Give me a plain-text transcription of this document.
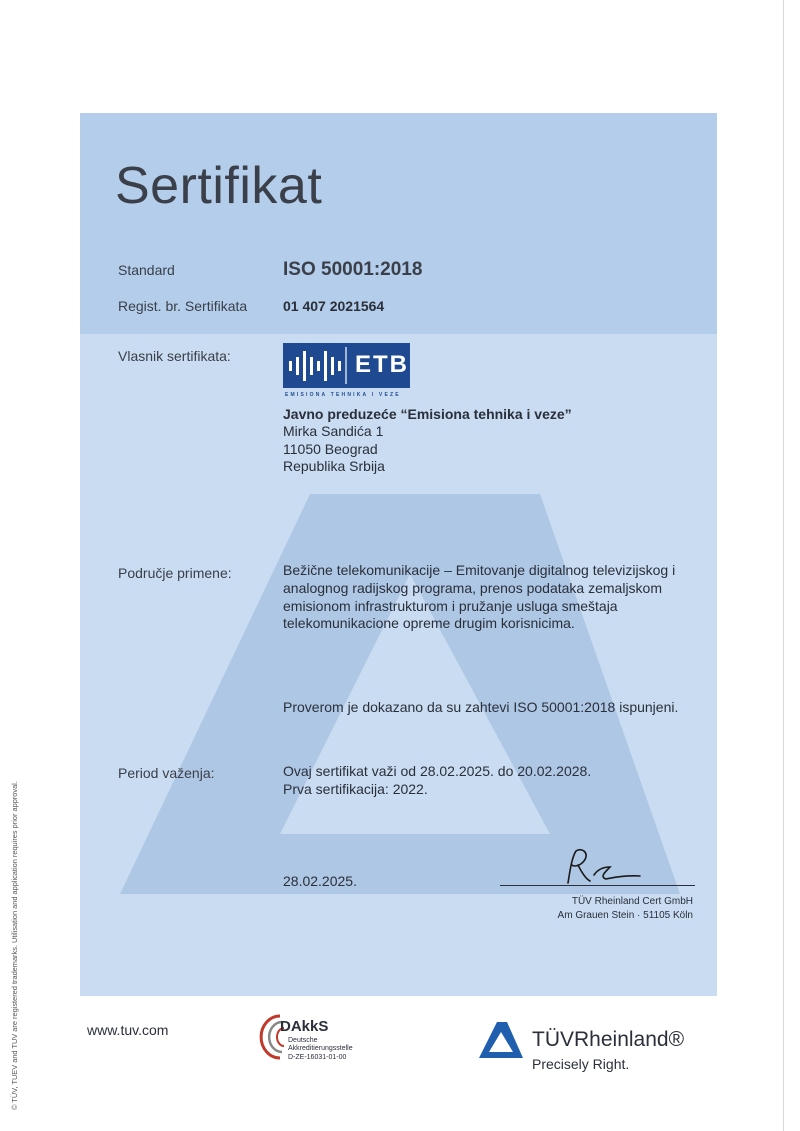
© TÜV, TUEV and TUV are registered trademarks. Utilisation and application requires prior approval.
Sertifikat
Standard	ISO 50001:2018
Regist. br. Sertifikata	01 407 2021564
Vlasnik sertifikata:	ETB
EMISIONA TEHNIKA I VEZE
Javno preduzeće “Emisiona tehnika i veze”
Mirka Sandića 1
11050 Beograd
Republika Srbija
Područje primene:	Bežične telekomunikacije – Emitovanje digitalnog televizijskog i
analognog radijskog programa, prenos podataka zemaljskom
emisionom infrastrukturom i pružanje usluga smeštaja
telekomunikacione opreme drugim korisnicima.
Proverom je dokazano da su zahtevi ISO 50001:2018 ispunjeni.
Period važenja:	Ovaj sertifikat važi od 28.02.2025. do 20.02.2028.
Prva sertifikacija: 2022.
28.02.2025.
TÜV Rheinland Cert GmbH
Am Grauen Stein · 51105 Köln
www.tuv.com	DAkkS
Deutsche
Akkreditierungsstelle
D-ZE-16031-01-00
TÜVRheinland®
Precisely Right.
